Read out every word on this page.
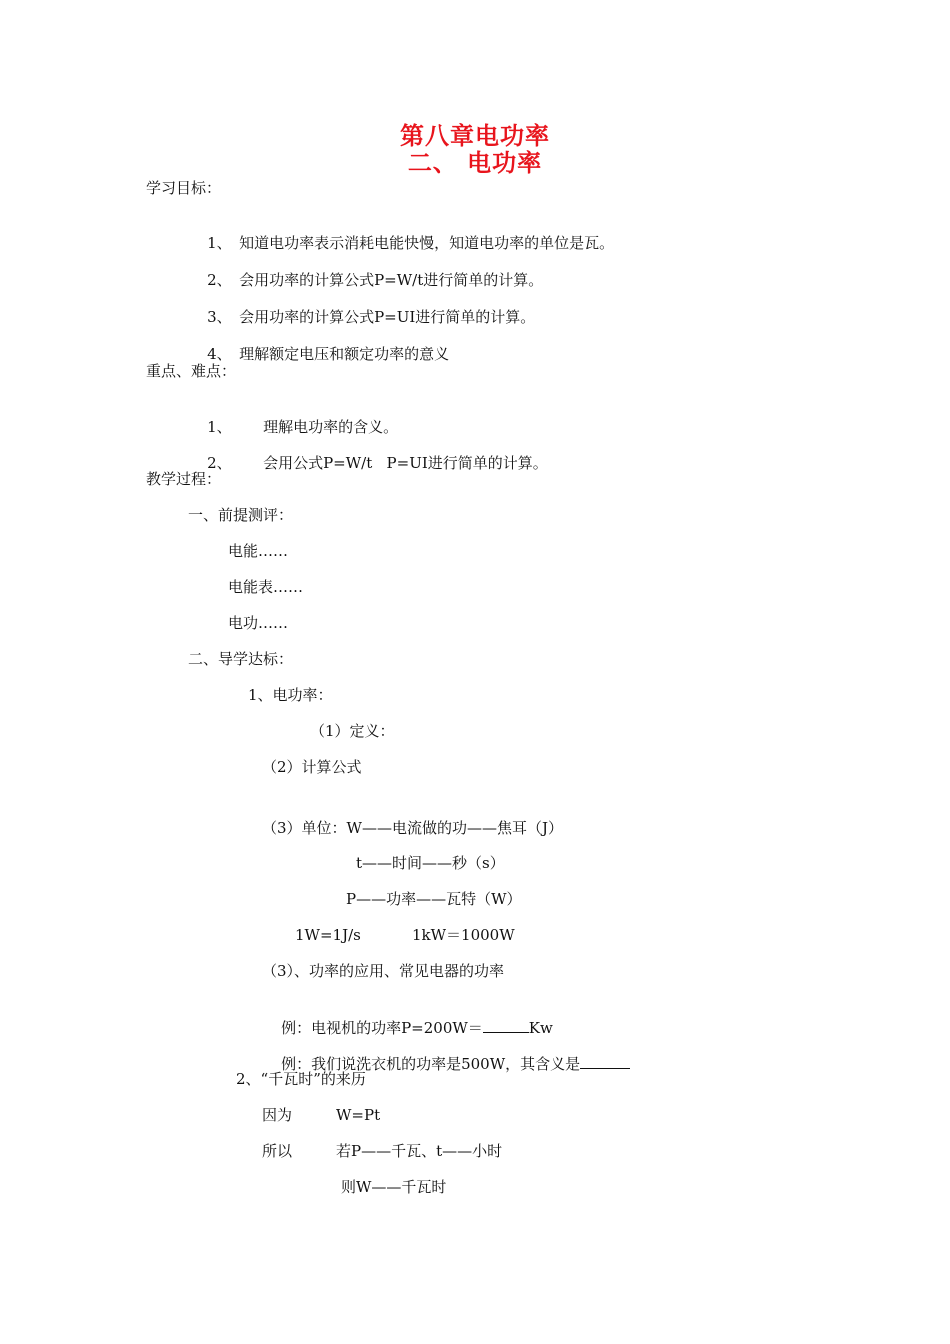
第八章电功率
二、 电功率
学习目标：

1、 知道电功率表示消耗电能快慢，知道电功率的单位是瓦。

2、 会用功率的计算公式P=W/t进行简单的计算。

3、 会用功率的计算公式P=UI进行简单的计算。

4、 理解额定电压和额定功率的意义

重点、难点：

1、 理解电功率的含义。

2、 会用公式P=W/t   P=UI进行简单的计算。

教学过程：
一、前提测评：
电能……
电能表……
电功……
二、导学达标：
1、电功率：
（1）定义：
（2）计算公式
（3）单位：W——电流做的功——焦耳（J）
t——时间——秒（s）
P——功率——瓦特（W）
1W=1J/s	1kW＝1000W
（3）、功率的应用、常见电器的功率

例：电视机的功率P=200W＝	Kw

例：我们说洗衣机的功率是500W，其含义是

2、“千瓦时”的来历
因为	W=Pt
所以	若P——千瓦、t——小时
则W——千瓦时
